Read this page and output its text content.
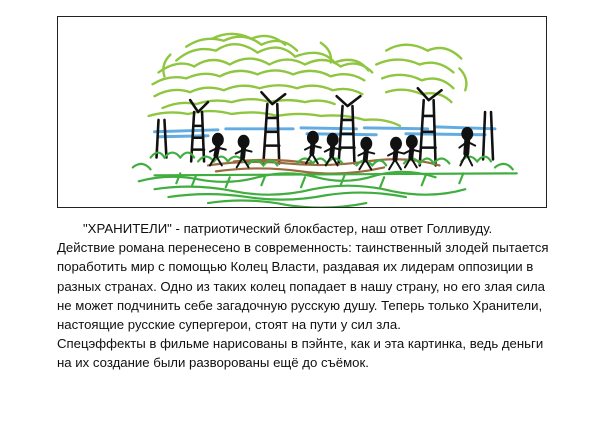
"ХРАНИТЕЛИ" - патриотический блокбастер, наш ответ Голливуду. Действие романа перенесено в современность: таинственный злодей пытается поработить мир с помощью Колец Власти, раздавая их лидерам оппозиции в разных странах. Одно из таких колец попадает в нашу страну, но его злая сила не может подчинить себе загадочную русскую душу. Теперь только Хранители, настоящие русские супергерои, стоят на пути у сил зла.

Спецэффекты в фильме нарисованы в пэйнте, как и эта картинка, ведь деньги на их создание были разворованы ещё до съёмок.
